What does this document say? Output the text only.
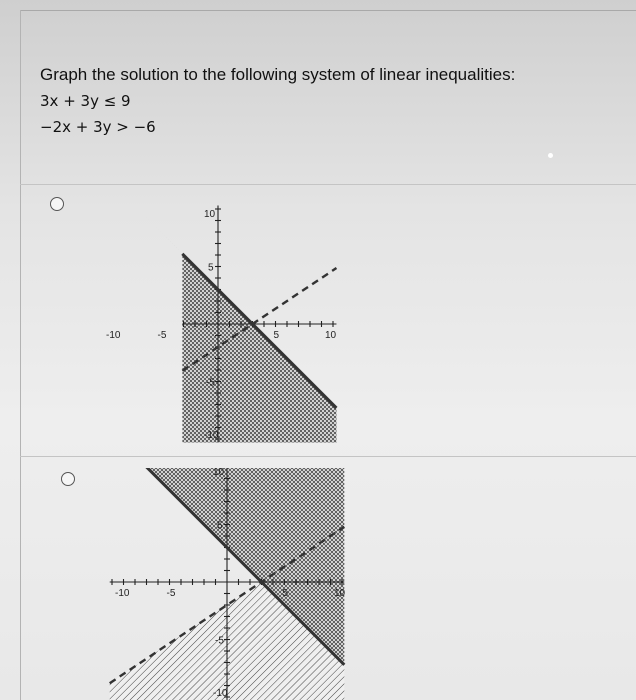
Graph the solution to the following system of linear inequalities:
3x + 3y ≤ 9
−2x + 3y > −6
10
5
-5
-10
-10	-5	5	10
10
5
-5
-10
-10	-5	5	10
